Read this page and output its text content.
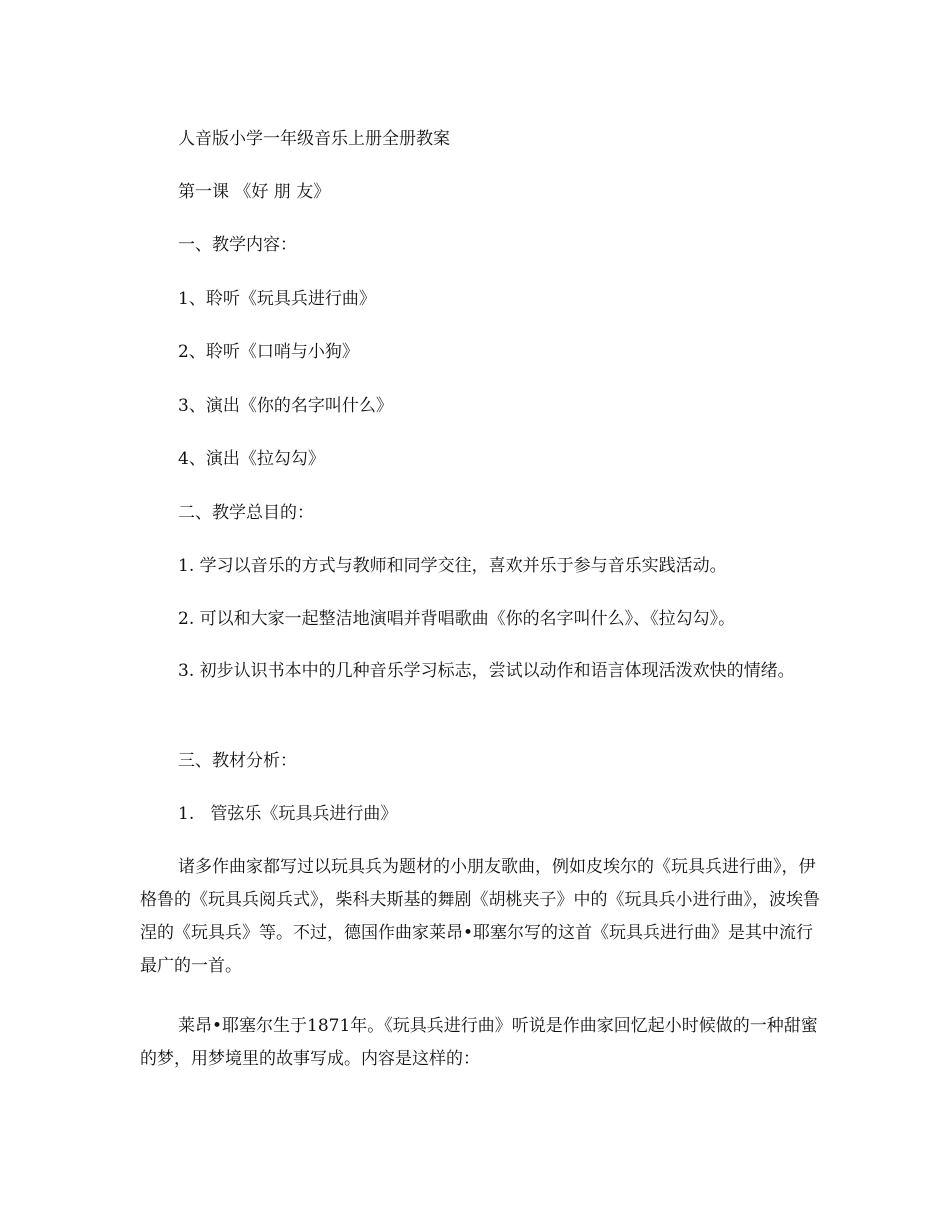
人音版小学一年级音乐上册全册教案
第一课 《好 朋 友》
一、教学内容：
1、聆听《玩具兵进行曲》
2、聆听《口哨与小狗》
3、演出《你的名字叫什么》
4、演出《拉勾勾》
二、教学总目的：
1. 学习以音乐的方式与教师和同学交往，喜欢并乐于参与音乐实践活动。
2. 可以和大家一起整洁地演唱并背唱歌曲《你的名字叫什么》、《拉勾勾》。
3. 初步认识书本中的几种音乐学习标志，尝试以动作和语言体现活泼欢快的情绪。
三、教材分析：
1.   管弦乐《玩具兵进行曲》
诸多作曲家都写过以玩具兵为题材的小朋友歌曲，例如皮埃尔的《玩具兵进行曲》，伊格鲁的《玩具兵阅兵式》，柴科夫斯基的舞剧《胡桃夹子》中的《玩具兵小进行曲》，波埃鲁涅的《玩具兵》等。不过，德国作曲家莱昂•耶塞尔写的这首《玩具兵进行曲》是其中流行最广的一首。
莱昂•耶塞尔生于1871年。《玩具兵进行曲》听说是作曲家回忆起小时候做的一种甜蜜的梦，用梦境里的故事写成。内容是这样的：
